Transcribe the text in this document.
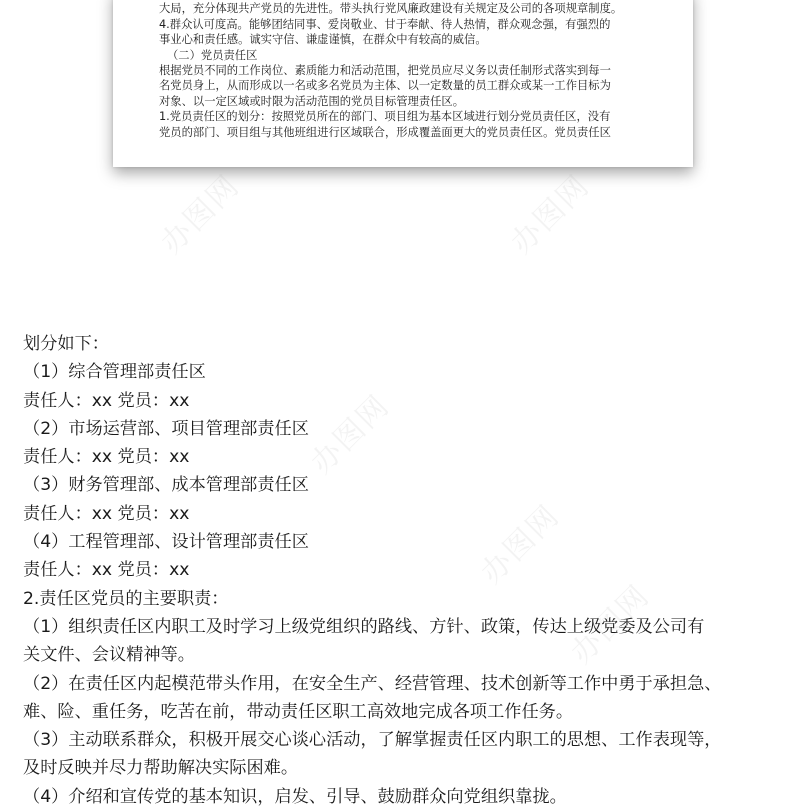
大局，充分体现共产党员的先进性。带头执行党风廉政建设有关规定及公司的各项规章制度。
4.群众认可度高。能够团结同事、爱岗敬业、甘于奉献、待人热情，群众观念强，有强烈的
事业心和责任感。诚实守信、谦虚谨慎，在群众中有较高的威信。
（二）党员责任区
根据党员不同的工作岗位、素质能力和活动范围，把党员应尽义务以责任制形式落实到每一
名党员身上，从而形成以一名或多名党员为主体、以一定数量的员工群众或某一工作目标为
对象、以一定区域或时限为活动范围的党员目标管理责任区。
1.党员责任区的划分：按照党员所在的部门、项目组为基本区域进行划分党员责任区，没有
党员的部门、项目组与其他班组进行区域联合，形成覆盖面更大的党员责任区。党员责任区
划分如下：
（1）综合管理部责任区
责任人：xx 党员：xx
（2）市场运营部、项目管理部责任区
责任人：xx 党员：xx
（3）财务管理部、成本管理部责任区
责任人：xx 党员：xx
（4）工程管理部、设计管理部责任区
责任人：xx 党员：xx
2.责任区党员的主要职责：
（1）组织责任区内职工及时学习上级党组织的路线、方针、政策，传达上级党委及公司有
关文件、会议精神等。
（2）在责任区内起模范带头作用，在安全生产、经营管理、技术创新等工作中勇于承担急、
难、险、重任务，吃苦在前，带动责任区职工高效地完成各项工作任务。
（3）主动联系群众，积极开展交心谈心活动，了解掌握责任区内职工的思想、工作表现等，
及时反映并尽力帮助解决实际困难。
（4）介绍和宣传党的基本知识，启发、引导、鼓励群众向党组织靠拢。
办图网	办图网
办图网
办图网
办图网
